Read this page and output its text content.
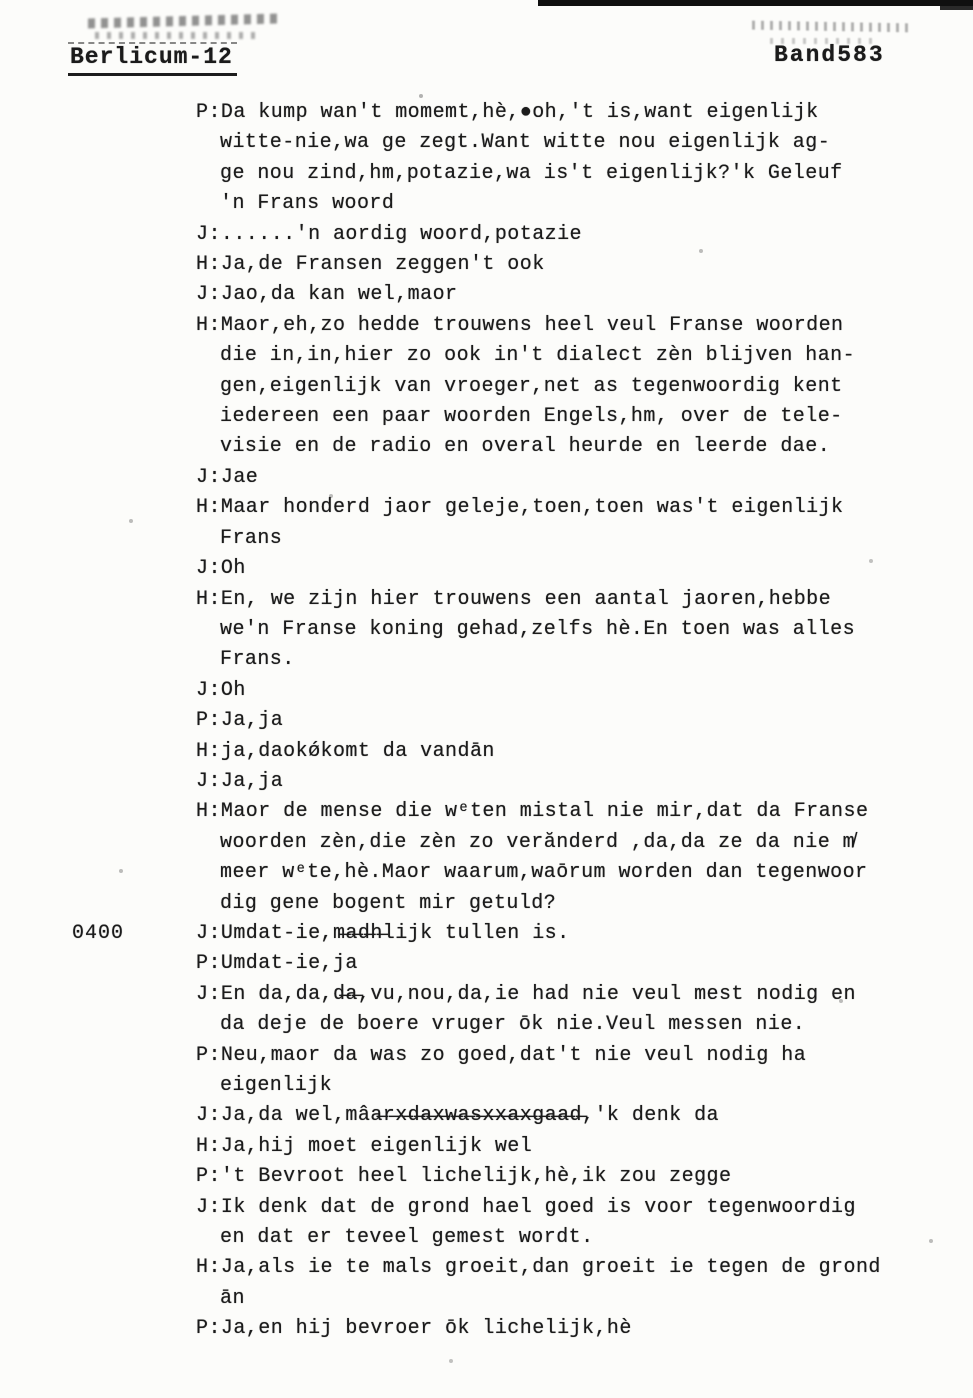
Berlicum-12	Band583
P:Da kump wan't momemt,hè,●oh,'t is,want eigenlijk
witte-nie,wa ge zegt.Want witte nou eigenlijk ag-
ge nou zind,hm,potazie,wa is't eigenlijk?'k Geleuf
'n Frans woord
J:......'n aordig woord,potazie
H:Ja,de Fransen zeggen't ook
J:Jao,da kan wel,maor
H:Maor,eh,zo hedde trouwens heel veul Franse woorden
die in,in,hier zo ook in't dialect zèn blijven han-
gen,eigenlijk van vroeger,net as tegenwoordig kent
iedereen een paar woorden Engels,hm, over de tele-
visie en de radio en overal heurde en leerde dae.
J:Jae
H:Maar honderd jaor geleje,toen,toen was't eigenlijk
Frans
J:Oh
H:En, we zijn hier trouwens een aantal jaoren,hebbe
we'n Franse koning gehad,zelfs hè.En toen was alles
Frans.
J:Oh
P:Ja,ja
H:ja,daokǿkomt da vandān
J:Ja,ja
H:Maor de mense die wᵉten mistal nie mir,dat da Franse
woorden zèn,die zèn zo verănderd ,da,da ze da nie m̸
meer wᵉte,hè.Maor waarum,waōrum worden dan tegenwoor
dig gene bogent mir getuld?
J:Umdat-ie,m̶a̶d̶h̶lijk tullen is.
0400
P:Umdat-ie,ja
J:En da,da,d̶a̶,vu,nou,da,ie had nie veul mest nodig en
da deje de boere vruger ōk nie.Veul messen nie.
P:Neu,maor da was zo goed,dat't nie veul nodig ha
eigenlijk
J:Ja,da wel,mâa̶r̶x̶d̶a̶x̶w̶a̶s̶x̶x̶a̶x̶g̶a̶a̶d̶,'k denk da
H:Ja,hij moet eigenlijk wel
P:'t Bevroot heel lichelijk,hè,ik zou zegge
J:Ik denk dat de grond hael goed is voor tegenwoordig
en dat er teveel gemest wordt.
H:Ja,als ie te mals groeit,dan groeit ie tegen de grond
ān
P:Ja,en hij bevroer ōk lichelijk,hè
